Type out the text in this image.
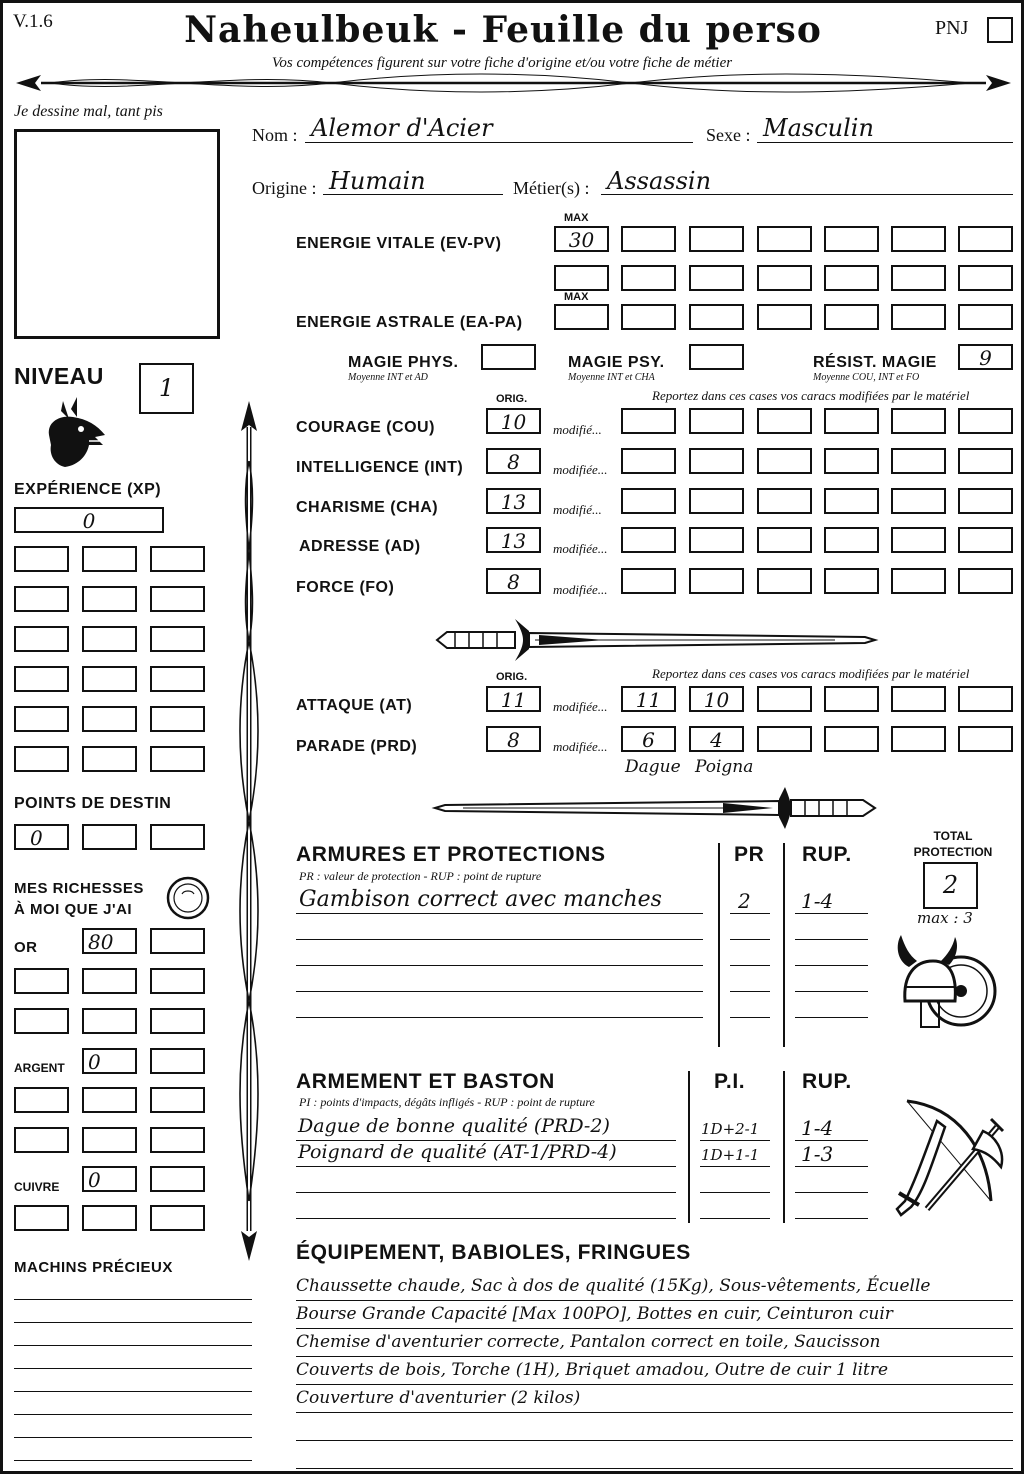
V.1.6	Naheulbeuk - Feuille du perso
Vos compétences figurent sur votre fiche d'origine et/ou votre fiche de métier
PNJ
Je dessine mal, tant pis
Nom : Alemor d'Acier	Sexe : Masculin
Origine : Humain	Métier(s) : Assassin
MAX
ENERGIE VITALE (EV-PV)	30
MAX
ENERGIE ASTRALE (EA-PA)
MAGIE PHYS.
Moyenne INT et AD
MAGIE PSY.
Moyenne INT et CHA
RÉSIST. MAGIE
Moyenne COU, INT et FO
9
NIVEAU	1
EXPÉRIENCE (XP)
0
POINTS DE DESTIN
0
MES RICHESSES
À MOI QUE J'AI
OR	80
ARGENT	0
CUIVRE	0
MACHINS PRÉCIEUX
ORIG.	Reportez dans ces cases vos caracs modifiées par le matériel
ORIG.	Reportez dans ces cases vos caracs modifiées par le matériel
ATTAQUE (AT)	11	modifiée...	11	10
PARADE (PRD)	8	modifiée...	6	4
Dague Poigna
ARMURES ET PROTECTIONS
PR : valeur de protection - RUP : point de rupture
PR RUP.
TOTAL
PROTECTION
2
max : 3
ARMEMENT ET BASTON
PI : points d'impacts, dégâts infligés - RUP : point de rupture
P.I.	RUP.
ÉQUIPEMENT, BABIOLES, FRINGUES
COURAGE (COU)	10	modifié...
INTELLIGENCE (INT)	8	modifiée...
CHARISME (CHA)	13	modifié...
ADRESSE (AD)	13	modifiée...
FORCE (FO)	8	modifiée...
Gambison correct avec manches	2	1-4
Dague de bonne qualité (PRD-2)	1D+2-1 1-4
Poignard de qualité (AT-1/PRD-4)	1D+1-1 1-3
Chaussette chaude, Sac à dos de qualité (15Kg), Sous-vêtements, Écuelle
Bourse Grande Capacité [Max 100PO], Bottes en cuir, Ceinturon cuir
Chemise d'aventurier correcte, Pantalon correct en toile, Saucisson
Couverts de bois, Torche (1H), Briquet amadou, Outre de cuir 1 litre
Couverture d'aventurier (2 kilos)
